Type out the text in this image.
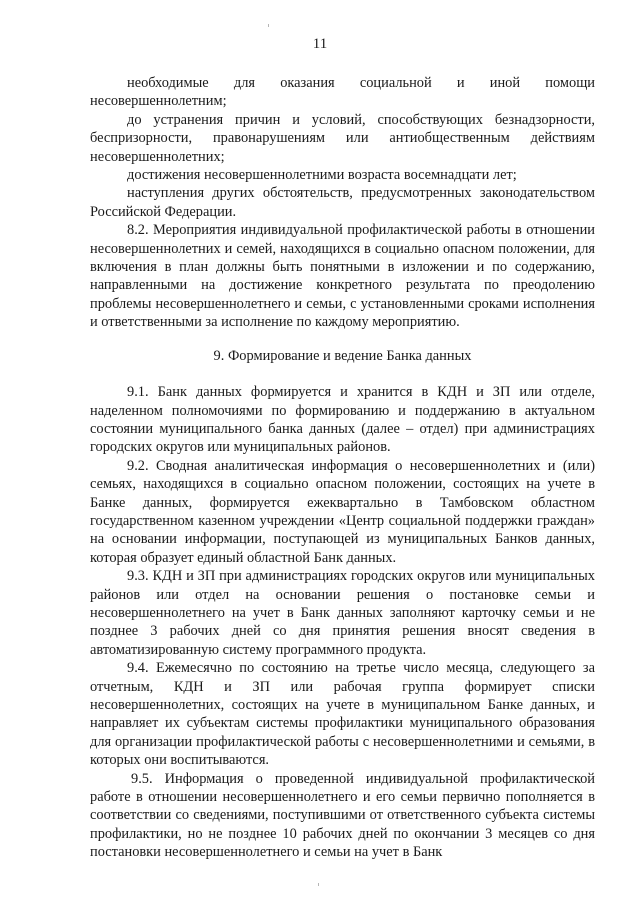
11

необходимые для оказания социальной и иной помощи несовершеннолетним;

до устранения причин и условий, способствующих безнадзорности, беспризорности, правонарушениям или антиобщественным действиям несовершеннолетних;

достижения несовершеннолетними возраста восемнадцати лет;

наступления других обстоятельств, предусмотренных законодательством Российской Федерации.

8.2. Мероприятия индивидуальной профилактической работы в отношении несовершеннолетних и семей, находящихся в социально опасном положении, для включения в план должны быть понятными в изложении и по содержанию, направленными на достижение конкретного результата по преодолению проблемы несовершеннолетнего и семьи, с установленными сроками исполнения и ответственными за исполнение по каждому мероприятию.

9. Формирование и ведение Банка данных

9.1. Банк данных формируется и хранится в КДН и ЗП или отделе, наделенном полномочиями по формированию и поддержанию в актуальном состоянии муниципального банка данных (далее – отдел) при администрациях городских округов или муниципальных районов.

9.2. Сводная аналитическая информация о несовершеннолетних и (или) семьях, находящихся в социально опасном положении, состоящих на учете в Банке данных, формируется ежеквартально в Тамбовском областном государственном казенном учреждении «Центр социальной поддержки граждан» на основании информации, поступающей из муниципальных Банков данных, которая образует единый областной Банк данных.

9.3. КДН и ЗП при администрациях городских округов или муниципальных районов или отдел на основании решения о постановке семьи и несовершеннолетнего на учет в Банк данных заполняют карточку семьи и не позднее 3 рабочих дней со дня принятия решения вносят сведения в автоматизированную систему программного продукта.

9.4. Ежемесячно по состоянию на третье число месяца, следующего за отчетным, КДН и ЗП или рабочая группа формирует списки несовершеннолетних, состоящих на учете в муниципальном Банке данных, и направляет их субъектам системы профилактики муниципального образования для организации профилактической работы с несовершеннолетними и семьями, в которых они воспитываются.

9.5. Информация о проведенной индивидуальной профилактической работе в отношении несовершеннолетнего и его семьи первично пополняется в соответствии со сведениями, поступившими от ответственного субъекта системы профилактики, но не позднее 10 рабочих дней по окончании 3 месяцев со дня постановки несовершеннолетнего и семьи на учет в Банк
